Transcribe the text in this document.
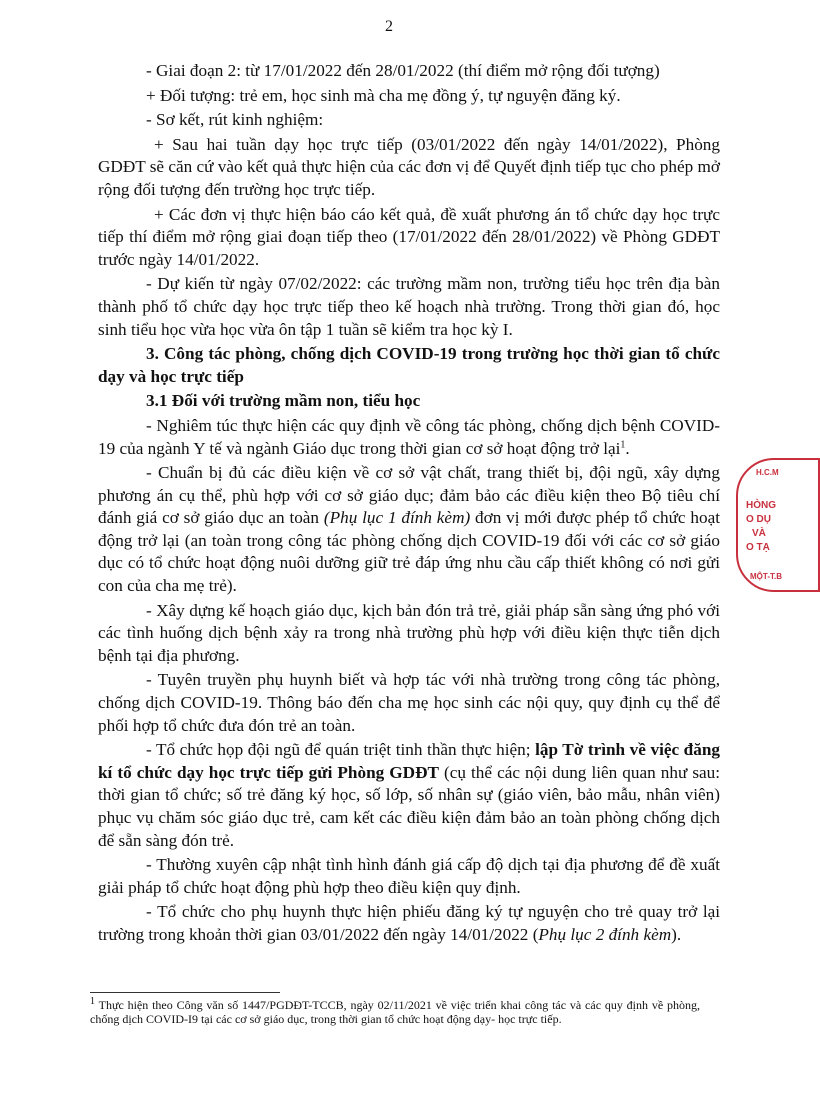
2

- Giai đoạn 2: từ 17/01/2022 đến 28/01/2022 (thí điểm mở rộng đối tượng)

+ Đối tượng: trẻ em, học sinh mà cha mẹ đồng ý, tự nguyện đăng ký.

- Sơ kết, rút kinh nghiệm:

+ Sau hai tuần dạy học trực tiếp (03/01/2022 đến ngày 14/01/2022), Phòng GDĐT sẽ căn cứ vào kết quả thực hiện của các đơn vị để Quyết định tiếp tục cho phép mở rộng đối tượng đến trường học trực tiếp.

+ Các đơn vị thực hiện báo cáo kết quả, đề xuất phương án tổ chức dạy học trực tiếp thí điểm mở rộng giai đoạn tiếp theo (17/01/2022 đến 28/01/2022) về Phòng GDĐT trước ngày 14/01/2022.

- Dự kiến từ ngày 07/02/2022: các trường mầm non, trường tiểu học trên địa bàn thành phố tổ chức dạy học trực tiếp theo kế hoạch nhà trường. Trong thời gian đó, học sinh tiểu học vừa học vừa ôn tập 1 tuần sẽ kiểm tra học kỳ I.

3. Công tác phòng, chống dịch COVID-19 trong trường học thời gian tổ chức dạy và học trực tiếp

3.1 Đối với trường mầm non, tiểu học

- Nghiêm túc thực hiện các quy định về công tác phòng, chống dịch bệnh COVID-19 của ngành Y tế và ngành Giáo dục trong thời gian cơ sở hoạt động trở lại$^1$.

- Chuẩn bị đủ các điều kiện về cơ sở vật chất, trang thiết bị, đội ngũ, xây dựng phương án cụ thể, phù hợp với cơ sở giáo dục; đảm bảo các điều kiện theo Bộ tiêu chí đánh giá cơ sở giáo dục an toàn (Phụ lục 1 đính kèm) đơn vị mới được phép tổ chức hoạt động trở lại (an toàn trong công tác phòng chống dịch COVID-19 đối với các cơ sở giáo dục có tổ chức hoạt động nuôi dưỡng giữ trẻ đáp ứng nhu cầu cấp thiết không có nơi gửi con của cha mẹ trẻ).

- Xây dựng kế hoạch giáo dục, kịch bản đón trả trẻ, giải pháp sẵn sàng ứng phó với các tình huống dịch bệnh xảy ra trong nhà trường phù hợp với điều kiện thực tiễn dịch bệnh tại địa phương.

- Tuyên truyền phụ huynh biết và hợp tác với nhà trường trong công tác phòng, chống dịch COVID-19. Thông báo đến cha mẹ học sinh các nội quy, quy định cụ thể để phối hợp tổ chức đưa đón trẻ an toàn.

- Tổ chức họp đội ngũ để quán triệt tinh thần thực hiện; lập Tờ trình về việc đăng kí tổ chức dạy học trực tiếp gửi Phòng GDĐT (cụ thể các nội dung liên quan như sau: thời gian tổ chức; số trẻ đăng ký học, số lớp, số nhân sự (giáo viên, bảo mẫu, nhân viên) phục vụ chăm sóc giáo dục trẻ, cam kết các điều kiện đảm bảo an toàn phòng chống dịch để sẵn sàng đón trẻ.

- Thường xuyên cập nhật tình hình đánh giá cấp độ dịch tại địa phương để đề xuất giải pháp tổ chức hoạt động phù hợp theo điều kiện quy định.

- Tổ chức cho phụ huynh thực hiện phiếu đăng ký tự nguyện cho trẻ quay trở lại trường trong khoản thời gian 03/01/2022 đến ngày 14/01/2022 (Phụ lục 2 đính kèm).

$^1$ Thực hiện theo Công văn số 1447/PGDĐT-TCCB, ngày 02/11/2021 về việc triển khai công tác và các quy định về phòng, chống dịch COVID-I9 tại các cơ sở giáo dục, trong thời gian tổ chức hoạt động dạy- học trực tiếp.
H.C.M
HÒNG
O DỤ
VÀ
O TẠ
MỘT-T.B
